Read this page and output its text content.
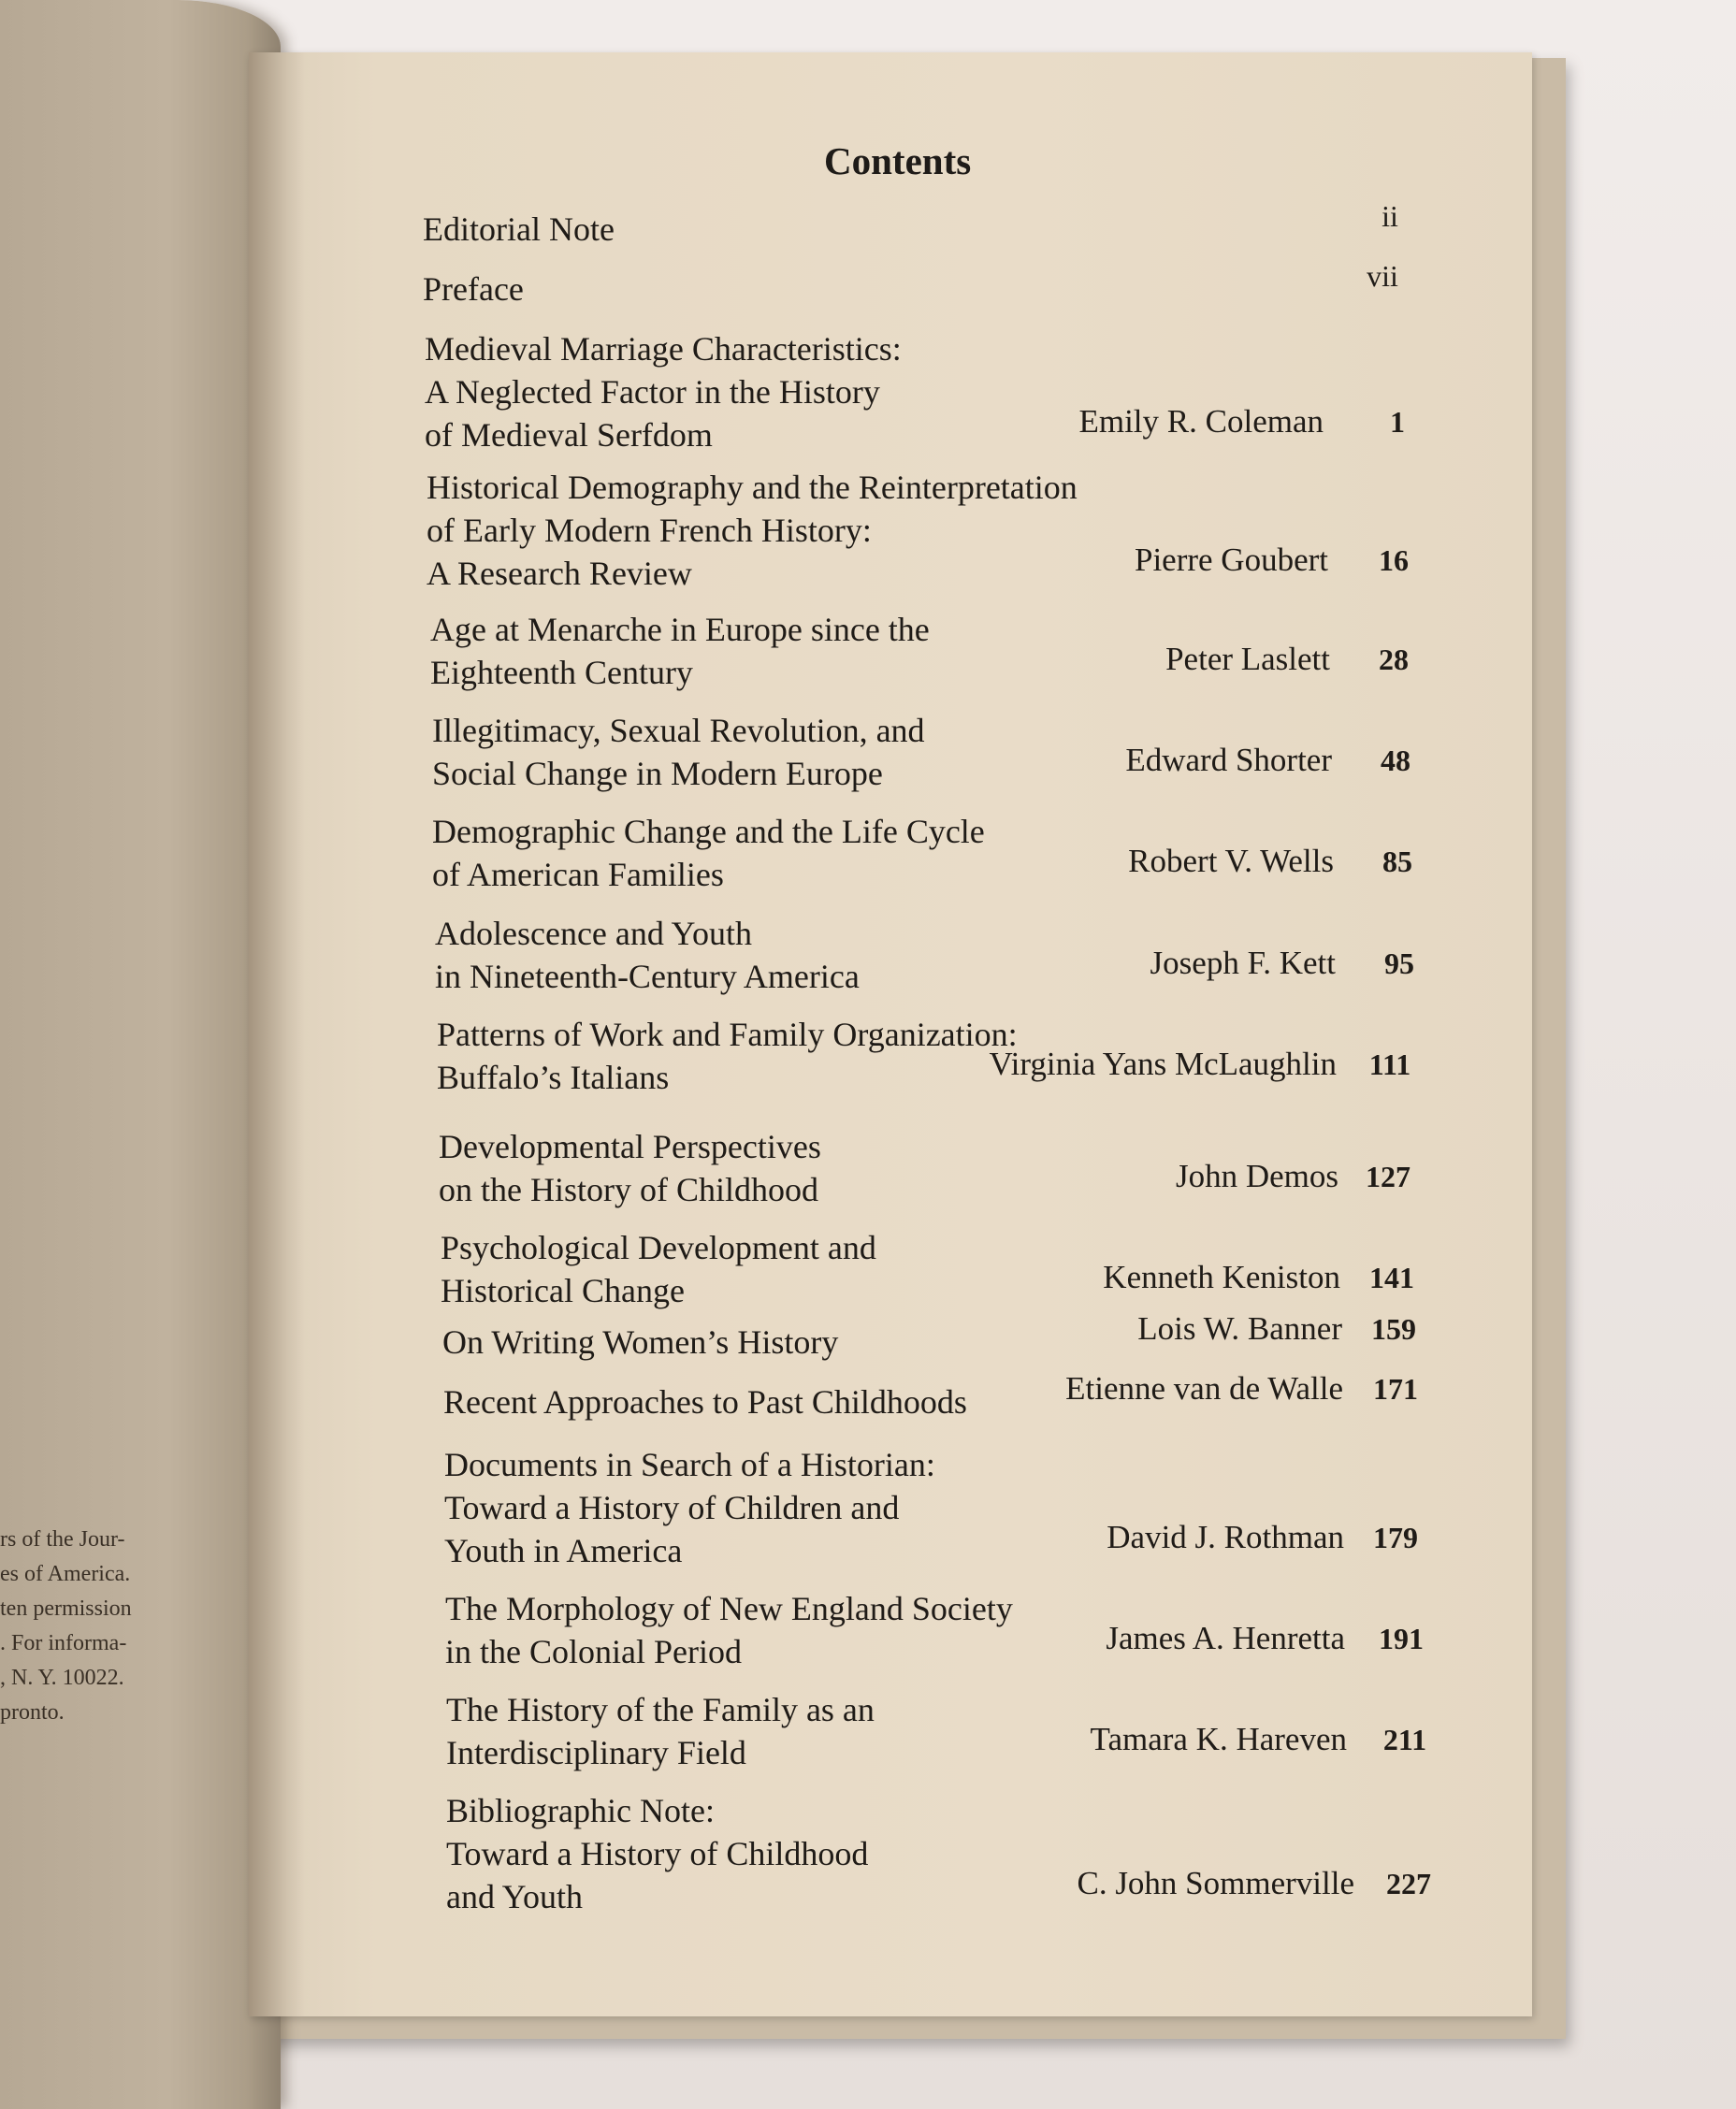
rs of the Jour-
es of America.
ten permission
. For informa-
, N. Y. 10022.
pronto.
Contents
Editorial Note	ii
Preface	vii
Medieval Marriage Characteristics:
A Neglected Factor in the History
of Medieval Serfdom	Emily R. Coleman	1
Historical Demography and the Reinterpretation
of Early Modern French History:
A Research Review	Pierre Goubert	16
Age at Menarche in Europe since the
Eighteenth Century	Peter Laslett	28
Illegitimacy, Sexual Revolution, and
Social Change in Modern Europe	Edward Shorter	48
Demographic Change and the Life Cycle
of American Families	Robert V. Wells	85
Adolescence and Youth
in Nineteenth-Century America	Joseph F. Kett	95
Patterns of Work and Family Organization:
Buffalo’s Italians	Virginia Yans McLaughlin	111
Developmental Perspectives
on the History of Childhood	John Demos 127
Psychological Development and
Historical Change	Kenneth Keniston 141
On Writing Women’s History	Lois W. Banner 159
Recent Approaches to Past Childhoods	Etienne van de Walle	171
Documents in Search of a Historian:
Toward a History of Children and
Youth in America	David J. Rothman 179
The Morphology of New England Society
in the Colonial Period	James A. Henretta	191
The History of the Family as an
Interdisciplinary Field	Tamara K. Hareven	211
Bibliographic Note:
Toward a History of Childhood
and Youth	C. John Sommerville	227
